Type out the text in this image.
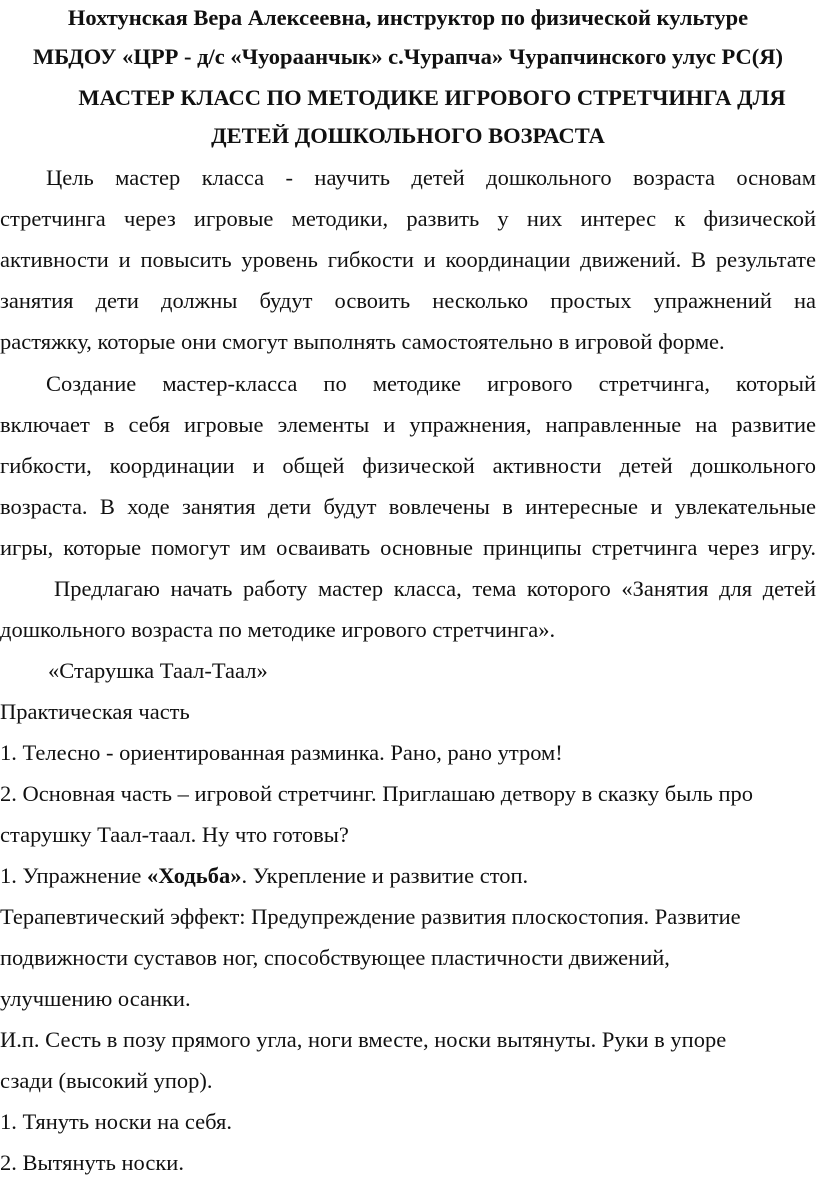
Нохтунская Вера Алексеевна, инструктор по физической культуре
МБДОУ «ЦРР - д/с «Чуораанчык» с.Чурапча» Чурапчинского улус РС(Я)
МАСТЕР КЛАСС ПО МЕТОДИКЕ ИГРОВОГО СТРЕТЧИНГА ДЛЯ
ДЕТЕЙ ДОШКОЛЬНОГО ВОЗРАСТА
Цель мастер класса - научить детей дошкольного возраста основам
стретчинга через игровые методики, развить у них интерес к физической
активности и повысить уровень гибкости и координации движений. В результате
занятия дети должны будут освоить несколько простых упражнений на
растяжку, которые они смогут выполнять самостоятельно в игровой форме.
Создание мастер-класса по методике игрового стретчинга, который
включает в себя игровые элементы и упражнения, направленные на развитие
гибкости, координации и общей физической активности детей дошкольного
возраста. В ходе занятия дети будут вовлечены в интересные и увлекательные
игры, которые помогут им осваивать основные принципы стретчинга через игру.
Предлагаю начать работу мастер класса, тема которого «Занятия для детей
дошкольного возраста по методике игрового стретчинга».
«Старушка Таал-Таал»
Практическая часть
1. Телесно - ориентированная разминка. Рано, рано утром!
2. Основная часть – игровой стретчинг. Приглашаю детвору в сказку быль про
старушку Таал-таал. Ну что готовы?
1. Упражнение «Ходьба». Укрепление и развитие стоп.
Терапевтический эффект: Предупреждение развития плоскостопия. Развитие
подвижности суставов ног, способствующее пластичности движений,
улучшению осанки.
И.п. Сесть в позу прямого угла, ноги вместе, носки вытянуты. Руки в упоре
сзади (высокий упор).
1. Тянуть носки на себя.
2. Вытянуть носки.
